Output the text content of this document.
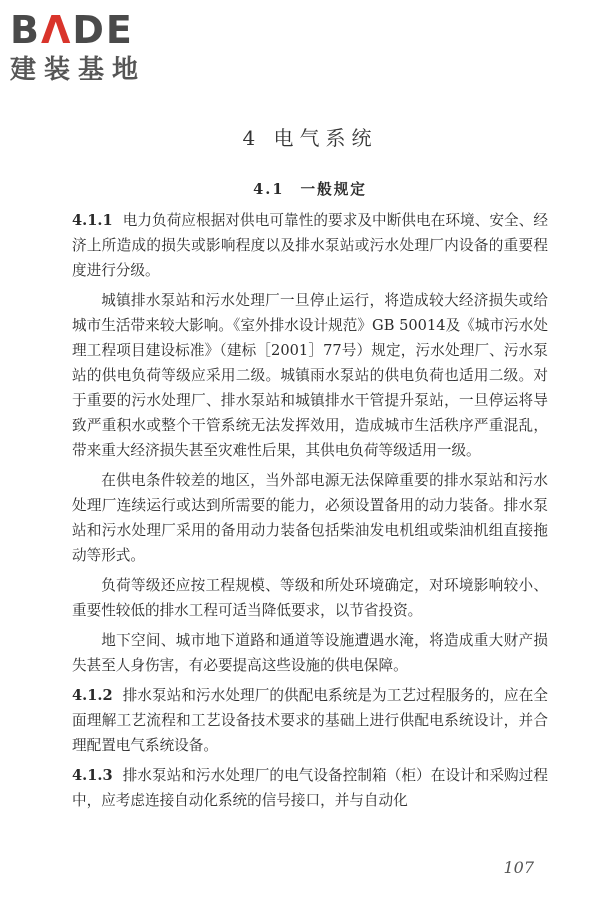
BΛDE
建装基地
4 电气系统
4.1 一般规定

4.1.1 电力负荷应根据对供电可靠性的要求及中断供电在环境、安全、经济上所造成的损失或影响程度以及排水泵站或污水处理厂内设备的重要程度进行分级。

城镇排水泵站和污水处理厂一旦停止运行，将造成较大经济损失或给城市生活带来较大影响。《室外排水设计规范》GB 50014及《城市污水处理工程项目建设标准》（建标［2001］77号）规定，污水处理厂、污水泵站的供电负荷等级应采用二级。城镇雨水泵站的供电负荷也适用二级。对于重要的污水处理厂、排水泵站和城镇排水干管提升泵站，一旦停运将导致严重积水或整个干管系统无法发挥效用，造成城市生活秩序严重混乱，带来重大经济损失甚至灾难性后果，其供电负荷等级适用一级。

在供电条件较差的地区，当外部电源无法保障重要的排水泵站和污水处理厂连续运行或达到所需要的能力，必须设置备用的动力装备。排水泵站和污水处理厂采用的备用动力装备包括柴油发电机组或柴油机组直接拖动等形式。

负荷等级还应按工程规模、等级和所处环境确定，对环境影响较小、重要性较低的排水工程可适当降低要求，以节省投资。

地下空间、城市地下道路和通道等设施遭遇水淹，将造成重大财产损失甚至人身伤害，有必要提高这些设施的供电保障。

4.1.2 排水泵站和污水处理厂的供配电系统是为工艺过程服务的，应在全面理解工艺流程和工艺设备技术要求的基础上进行供配电系统设计，并合理配置电气系统设备。

4.1.3 排水泵站和污水处理厂的电气设备控制箱（柜）在设计和采购过程中，应考虑连接自动化系统的信号接口，并与自动化

107
